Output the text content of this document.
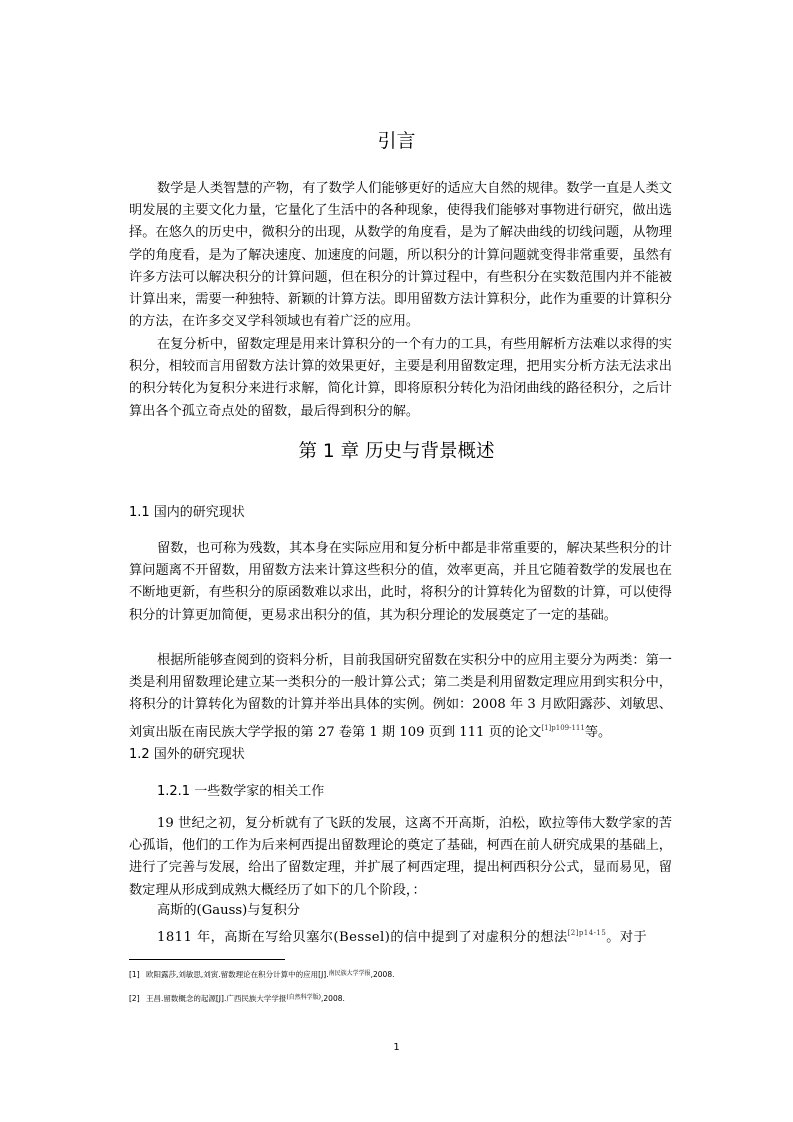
引言

数学是人类智慧的产物，有了数学人们能够更好的适应大自然的规律。数学一直是人类文明发展的主要文化力量，它量化了生活中的各种现象，使得我们能够对事物进行研究，做出选择。在悠久的历史中，微积分的出现，从数学的角度看，是为了解决曲线的切线问题，从物理学的角度看，是为了解决速度、加速度的问题，所以积分的计算问题就变得非常重要，虽然有许多方法可以解决积分的计算问题，但在积分的计算过程中，有些积分在实数范围内并不能被计算出来，需要一种独特、新颖的计算方法。即用留数方法计算积分，此作为重要的计算积分的方法，在许多交叉学科领域也有着广泛的应用。

在复分析中，留数定理是用来计算积分的一个有力的工具，有些用解析方法难以求得的实积分，相较而言用留数方法计算的效果更好，主要是利用留数定理，把用实分析方法无法求出的积分转化为复积分来进行求解，简化计算，即将原积分转化为沿闭曲线的路径积分，之后计算出各个孤立奇点处的留数，最后得到积分的解。

第 1 章 历史与背景概述
1.1 国内的研究现状

留数，也可称为残数，其本身在实际应用和复分析中都是非常重要的，解决某些积分的计算问题离不开留数，用留数方法来计算这些积分的值，效率更高，并且它随着数学的发展也在不断地更新，有些积分的原函数难以求出，此时，将积分的计算转化为留数的计算，可以使得积分的计算更加简便，更易求出积分的值，其为积分理论的发展奠定了一定的基础。

根据所能够查阅到的资料分析，目前我国研究留数在实积分中的应用主要分为两类：第一类是利用留数理论建立某一类积分的一般计算公式；第二类是利用留数定理应用到实积分中，将积分的计算转化为留数的计算并举出具体的实例。例如：2008 年 3 月欧阳露莎、刘敏思、刘寅出版在南民族大学学报的第 27 卷第 1 期 109 页到 111 页的论文$^{[1]p109-111}$等。

1.2 国外的研究现状
1.2.1 一些数学家的相关工作

19 世纪之初，复分析就有了飞跃的发展，这离不开高斯，泊松，欧拉等伟大数学家的苦心孤诣，他们的工作为后来柯西提出留数理论的奠定了基础，柯西在前人研究成果的基础上，进行了完善与发展，给出了留数定理，并扩展了柯西定理，提出柯西积分公式，显而易见，留数定理从形成到成熟大概经历了如下的几个阶段，：

高斯的(Gauss)与复积分
1811 年，高斯在写给贝塞尔(Bessel)的信中提到了对虚积分的想法$^{[2]p14-15}$。对于
[1] 欧阳露莎,刘敏思,刘寅.留数理论在积分计算中的应用[J].$^{南民族大学学报}$,2008.
[2] 王昌.留数概念的起源[J].广西民族大学学报$^{(自然科学版)}$,2008.
1
